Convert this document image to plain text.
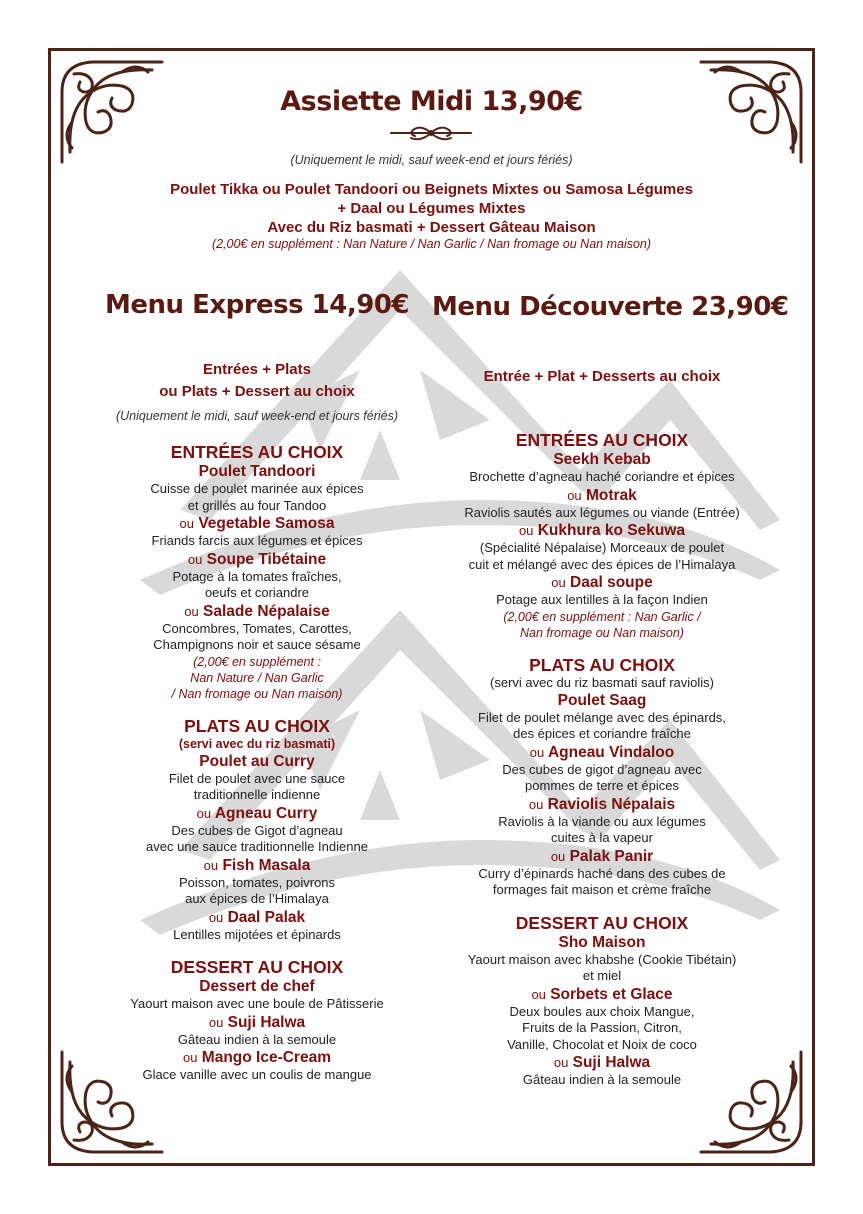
Assiette Midi 13,90€
(Uniquement le midi, sauf week-end et jours fériés)
Poulet Tikka ou Poulet Tandoori ou Beignets Mixtes ou Samosa Légumes
+ Daal ou Légumes Mixtes
Avec du Riz basmati + Dessert Gâteau Maison
(2,00€ en supplément : Nan Nature / Nan Garlic / Nan fromage ou Nan maison)
Menu Express 14,90€ Menu Découverte 23,90€
Entrées + Plats
ou Plats + Dessert au choix
(Uniquement le midi, sauf week-end et jours fériés)
ENTRÉES AU CHOIX
Poulet Tandoori
Cuisse de poulet marinée aux épices
et grillés au four Tandoo
ou Vegetable Samosa
Friands farcis aux légumes et épices
ou Soupe Tibétaine
Potage à la tomates fraîches,
oeufs et coriandre
ou Salade Népalaise
Concombres, Tomates, Carottes,
Champignons noir et sauce sésame
(2,00€ en supplément :
Nan Nature / Nan Garlic
/ Nan fromage ou Nan maison)
PLATS AU CHOIX
(servi avec du riz basmati)
Poulet au Curry
Filet de poulet avec une sauce
traditionnelle indienne
ou Agneau Curry
Des cubes de Gigot d’agneau
avec une sauce traditionnelle Indienne
ou Fish Masala
Poisson, tomates, poivrons
aux épices de l’Himalaya
ou Daal Palak
Lentilles mijotées et épinards
DESSERT AU CHOIX
Dessert de chef
Yaourt maison avec une boule de Pâtisserie
ou Suji Halwa
Gâteau indien à la semoule
ou Mango Ice-Cream
Glace vanille avec un coulis de mangue
Entrée + Plat + Desserts au choix
ENTRÉES AU CHOIX
Seekh Kebab
Brochette d’agneau haché coriandre et épices
ou Motrak
Raviolis sautés aux légumes ou viande (Entrée)
ou Kukhura ko Sekuwa
(Spécialité Népalaise) Morceaux de poulet
cuit et mélangé avec des épices de l’Himalaya
ou Daal soupe
Potage aux lentilles à la façon Indien
(2,00€ en supplément : Nan Garlic /
Nan fromage ou Nan maison)
PLATS AU CHOIX
(servi avec du riz basmati sauf raviolis)
Poulet Saag
Filet de poulet mélange avec des épinards,
des épices et coriandre fraîche
ou Agneau Vindaloo
Des cubes de gigot d’agneau avec
pommes de terre et épices
ou Raviolis Népalais
Raviolis à la viande ou aux légumes
cuites à la vapeur
ou Palak Panir
Curry d’épinards haché dans des cubes de
formages fait maison et crème fraîche
DESSERT AU CHOIX
Sho Maison
Yaourt maison avec khabshe (Cookie Tibétain)
et miel
ou Sorbets et Glace
Deux boules aux choix Mangue,
Fruits de la Passion, Citron,
Vanille, Chocolat et Noix de coco
ou Suji Halwa
Gâteau indien à la semoule
